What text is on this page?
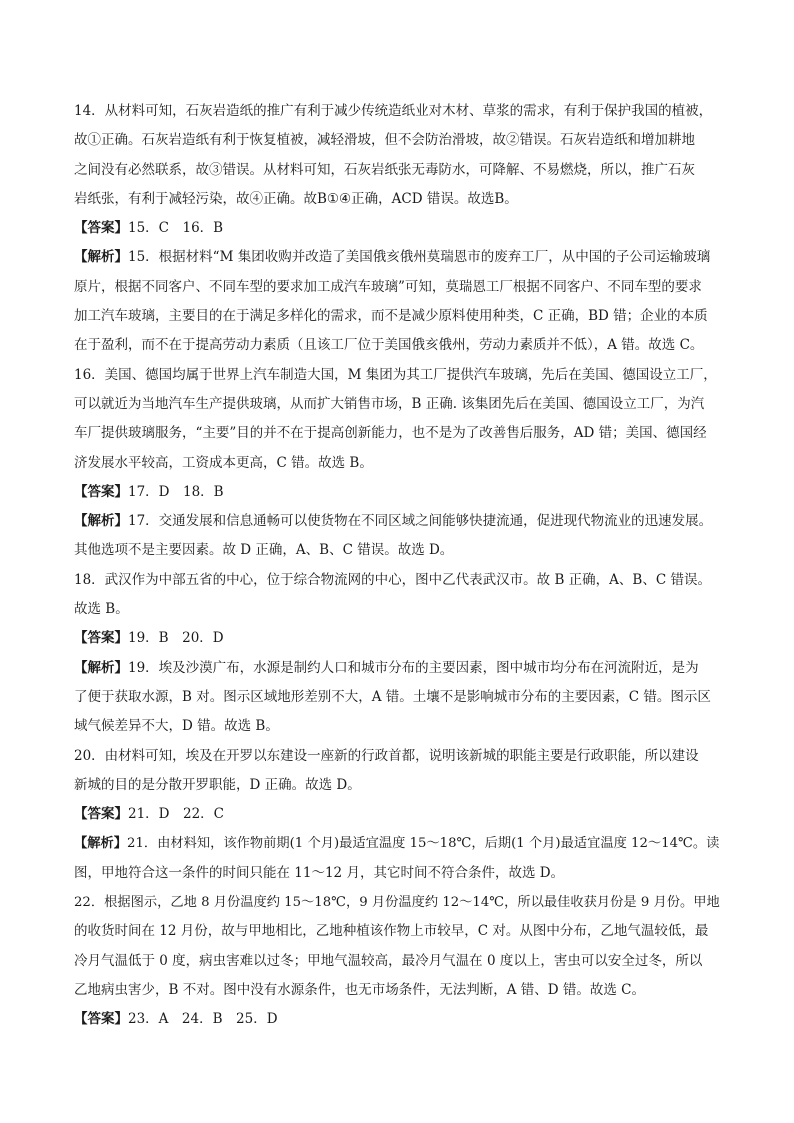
14．从材料可知，石灰岩造纸的推广有利于减少传统造纸业对木材、草浆的需求，有利于保护我国的植被，
故①正确。石灰岩造纸有利于恢复植被，减轻滑坡，但不会防治滑坡，故②错误。石灰岩造纸和增加耕地
之间没有必然联系，故③错误。从材料可知，石灰岩纸张无毒防水，可降解、不易燃烧，所以，推广石灰
岩纸张，有利于减轻污染，故④正确。故B①④正确，ACD 错误。故选B。
【答案】15．C　16．B
【解析】15．根据材料“M 集团收购并改造了美国俄亥俄州莫瑞恩市的废弃工厂，从中国的子公司运输玻璃
原片，根据不同客户、不同车型的要求加工成汽车玻璃”可知，莫瑞恩工厂根据不同客户、不同车型的要求
加工汽车玻璃，主要目的在于满足多样化的需求，而不是减少原料使用种类，C 正确，BD 错；企业的本质
在于盈利，而不在于提高劳动力素质（且该工厂位于美国俄亥俄州，劳动力素质并不低），A 错。故选 C。
16．美国、德国均属于世界上汽车制造大国，M 集团为其工厂提供汽车玻璃，先后在美国、德国设立工厂，
可以就近为当地汽车生产提供玻璃，从而扩大销售市场，B 正确. 该集团先后在美国、德国设立工厂，为汽
车厂提供玻璃服务，“主要”目的并不在于提高创新能力，也不是为了改善售后服务，AD 错；美国、德国经
济发展水平较高，工资成本更高，C 错。故选 B。
【答案】17．D　18．B
【解析】17．交通发展和信息通畅可以使货物在不同区域之间能够快捷流通，促进现代物流业的迅速发展。
其他选项不是主要因素。故 D 正确，A、B、C 错误。故选 D。
18．武汉作为中部五省的中心，位于综合物流网的中心，图中乙代表武汉市。故 B 正确，A、B、C 错误。
故选 B。
【答案】19．B　20．D
【解析】19．埃及沙漠广布，水源是制约人口和城市分布的主要因素，图中城市均分布在河流附近，是为
了便于获取水源，B 对。图示区域地形差别不大，A 错。土壤不是影响城市分布的主要因素，C 错。图示区
域气候差异不大，D 错。故选 B。
20．由材料可知，埃及在开罗以东建设一座新的行政首都，说明该新城的职能主要是行政职能，所以建设
新城的目的是分散开罗职能，D 正确。故选 D。
【答案】21．D　22．C
【解析】21．由材料知，该作物前期(1 个月)最适宜温度 15～18℃，后期(1 个月)最适宜温度 12～14℃。读
图，甲地符合这一条件的时间只能在 11～12 月，其它时间不符合条件，故选 D。
22．根据图示，乙地 8 月份温度约 15～18℃，9 月份温度约 12～14℃，所以最佳收获月份是 9 月份。甲地
的收货时间在 12 月份，故与甲地相比，乙地种植该作物上市较早，C 对。从图中分布，乙地气温较低，最
冷月气温低于 0 度，病虫害难以过冬；甲地气温较高，最冷月气温在 0 度以上，害虫可以安全过冬，所以
乙地病虫害少，B 不对。图中没有水源条件，也无市场条件，无法判断，A 错、D 错。故选 C。
【答案】23．A　24．B　25．D
